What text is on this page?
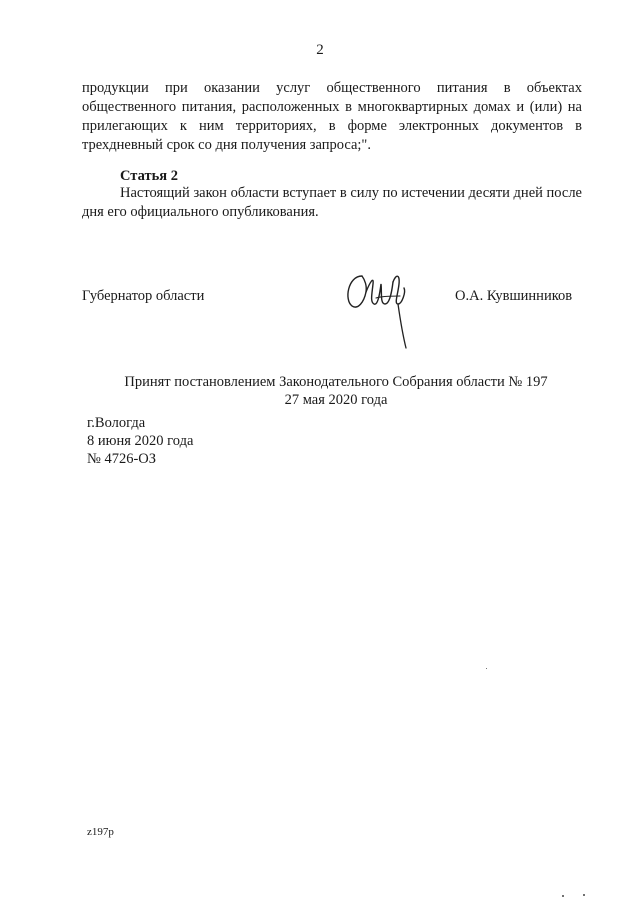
2

продукции при оказании услуг общественного питания в объектах общественного питания, расположенных в многоквартирных домах и (или) на прилегающих к ним территориях, в форме электронных документов в трехдневный срок со дня получения запроса;".

Статья 2

Настоящий закон области вступает в силу по истечении десяти дней после дня его официального опубликования.

Губернатор области	О.А. Кувшинников
Принят постановлением Законодательного Собрания области № 197
27 мая 2020 года
г.Вологда
8 июня 2020 года
№ 4726-ОЗ
z197р
